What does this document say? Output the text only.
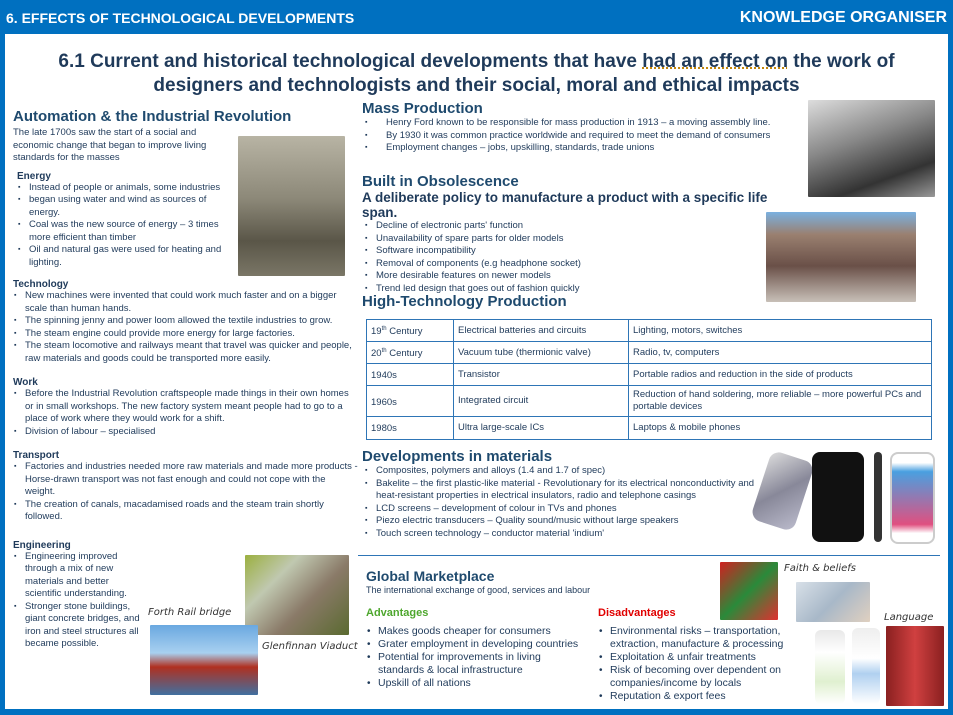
6. EFFECTS OF TECHNOLOGICAL DEVELOPMENTS	KNOWLEDGE ORGANISER
6.1 Current and historical technological developments that have had an effect on the work of designers and technologists and their social, moral and ethical impacts
Automation & the Industrial Revolution

The late 1700s saw the start of a social and economic change that began to improve living standards for the masses

Energy
▪ Instead of people or animals, some industries
▪ began using water and wind as sources of energy.
▪ Coal was the new source of energy – 3 times more efficient than timber
▪ Oil and natural gas were used for heating and lighting.
Technology
▪ New machines were invented that could work much faster and on a bigger scale than human hands.
▪ The spinning jenny and power loom allowed the textile industries to grow.
▪ The steam engine could provide more energy for large factories.
▪ The steam locomotive and railways meant that travel was quicker and people, raw materials and goods could be transported more easily.
Work
▪ Before the Industrial Revolution craftspeople made things in their own homes or in small workshops. The new factory system meant people had to go to a place of work where they would work for a shift.
▪ Division of labour – specialised
Transport
▪ Factories and industries needed more raw materials and made more products - Horse-drawn transport was not fast enough and could not cope with the weight.
▪ The creation of canals, macadamised roads and the steam train shortly followed.
Engineering
▪ Engineering improved through a mix of new materials and better scientific understanding.
▪ Stronger stone buildings, giant concrete bridges, and iron and steel structures all became possible.
Forth Rail bridge
Glenfinnan Viaduct
Mass Production
▪ Henry Ford known to be responsible for mass production in 1913 – a moving assembly line.
▪ By 1930 it was common practice worldwide and required to meet the demand of consumers
▪ Employment changes – jobs, upskilling, standards, trade unions
Built in Obsolescence
A deliberate policy to manufacture a product with a specific life span.
▪ Decline of electronic parts' function
▪ Unavailability of spare parts for older models
▪ Software incompatibility
▪ Removal of components (e.g headphone socket)
▪ More desirable features on newer models
▪ Trend led design that goes out of fashion quickly
High-Technology Production
19th Century	Electrical batteries and circuits	Lighting, motors, switches
20th Century	Vacuum tube (thermionic valve)	Radio, tv, computers
1940s	Transistor	Portable radios and reduction in the side of products
1960s	Integrated circuit	Reduction of hand soldering, more reliable – more powerful PCs and portable devices
1980s	Ultra large-scale ICs	Laptops & mobile phones
Developments in materials
▪ Composites, polymers and alloys (1.4 and 1.7 of spec)
▪ Bakelite – the first plastic-like material - Revolutionary for its electrical nonconductivity and heat-resistant properties in electrical insulators, radio and telephone casings
▪ LCD screens – development of colour in TVs and phones
▪ Piezo electric transducers – Quality sound/music without large speakers
▪ Touch screen technology – conductor material 'indium'
Global Marketplace

The international exchange of good, services and labour

Advantages
• Makes goods cheaper for consumers
• Grater employment in developing countries
• Potential for improvements in living standards & local infrastructure
• Upskill of all nations
Disadvantages
• Environmental risks – transportation, extraction, manufacture & processing
• Exploitation & unfair treatments
• Risk of becoming over dependent on companies/income by locals
• Reputation & export fees
Faith & beliefs
Language
